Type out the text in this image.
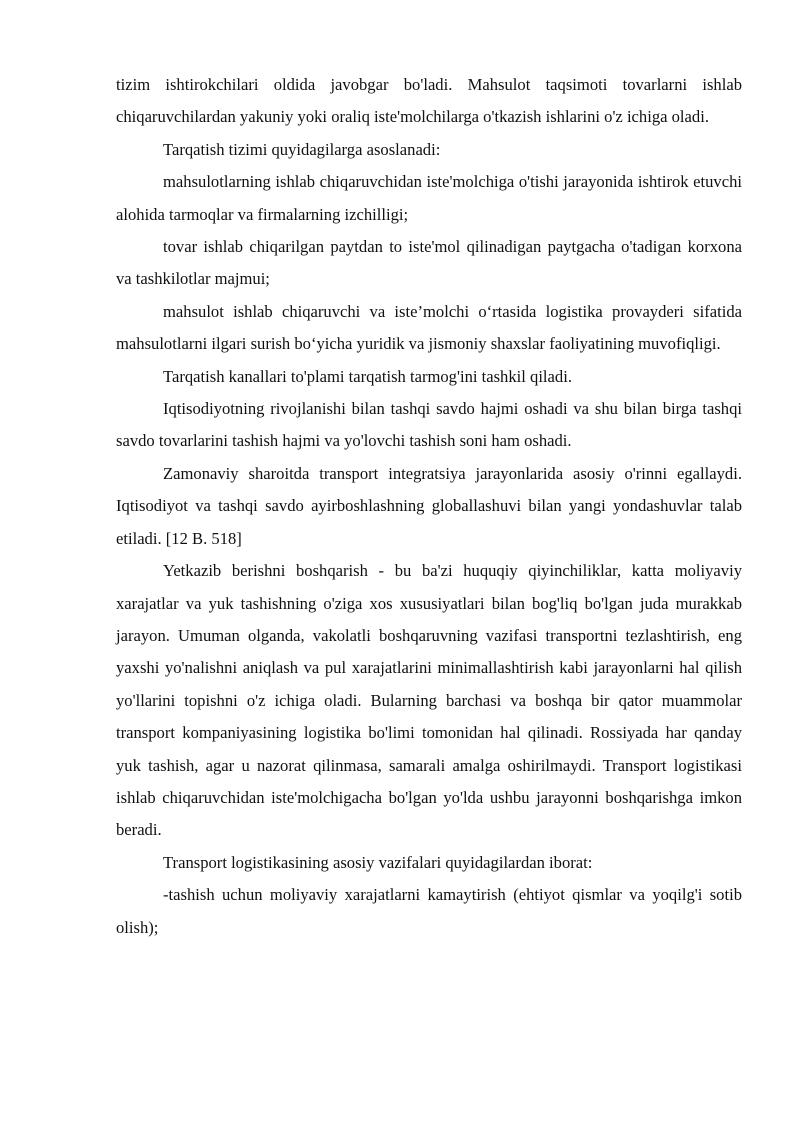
tizim ishtirokchilari oldida javobgar bo'ladi. Mahsulot taqsimoti tovarlarni ishlab chiqaruvchilardan yakuniy yoki oraliq iste'molchilarga o'tkazish ishlarini o'z ichiga oladi.

Tarqatish tizimi quyidagilarga asoslanadi:

mahsulotlarning ishlab chiqaruvchidan iste'molchiga o'tishi jarayonida ishtirok etuvchi alohida tarmoqlar va firmalarning izchilligi;

tovar ishlab chiqarilgan paytdan to iste'mol qilinadigan paytgacha o'tadigan korxona va tashkilotlar majmui;

mahsulot ishlab chiqaruvchi va iste’molchi o‘rtasida logistika provayderi sifatida mahsulotlarni ilgari surish bo‘yicha yuridik va jismoniy shaxslar faoliyatining muvofiqligi.

Tarqatish kanallari to'plami tarqatish tarmog'ini tashkil qiladi.

Iqtisodiyotning rivojlanishi bilan tashqi savdo hajmi oshadi va shu bilan birga tashqi savdo tovarlarini tashish hajmi va yo'lovchi tashish soni ham oshadi.

Zamonaviy sharoitda transport integratsiya jarayonlarida asosiy o'rinni egallaydi. Iqtisodiyot va tashqi savdo ayirboshlashning globallashuvi bilan yangi yondashuvlar talab etiladi. [12 B. 518]

Yetkazib berishni boshqarish - bu ba'zi huquqiy qiyinchiliklar, katta moliyaviy xarajatlar va yuk tashishning o'ziga xos xususiyatlari bilan bog'liq bo'lgan juda murakkab jarayon. Umuman olganda, vakolatli boshqaruvning vazifasi transportni tezlashtirish, eng yaxshi yo'nalishni aniqlash va pul xarajatlarini minimallashtirish kabi jarayonlarni hal qilish yo'llarini topishni o'z ichiga oladi. Bularning barchasi va boshqa bir qator muammolar transport kompaniyasining logistika bo'limi tomonidan hal qilinadi. Rossiyada har qanday yuk tashish, agar u nazorat qilinmasa, samarali amalga oshirilmaydi. Transport logistikasi ishlab chiqaruvchidan iste'molchigacha bo'lgan yo'lda ushbu jarayonni boshqarishga imkon beradi.

Transport logistikasining asosiy vazifalari quyidagilardan iborat:

-tashish uchun moliyaviy xarajatlarni kamaytirish (ehtiyot qismlar va yoqilg'i sotib olish);
